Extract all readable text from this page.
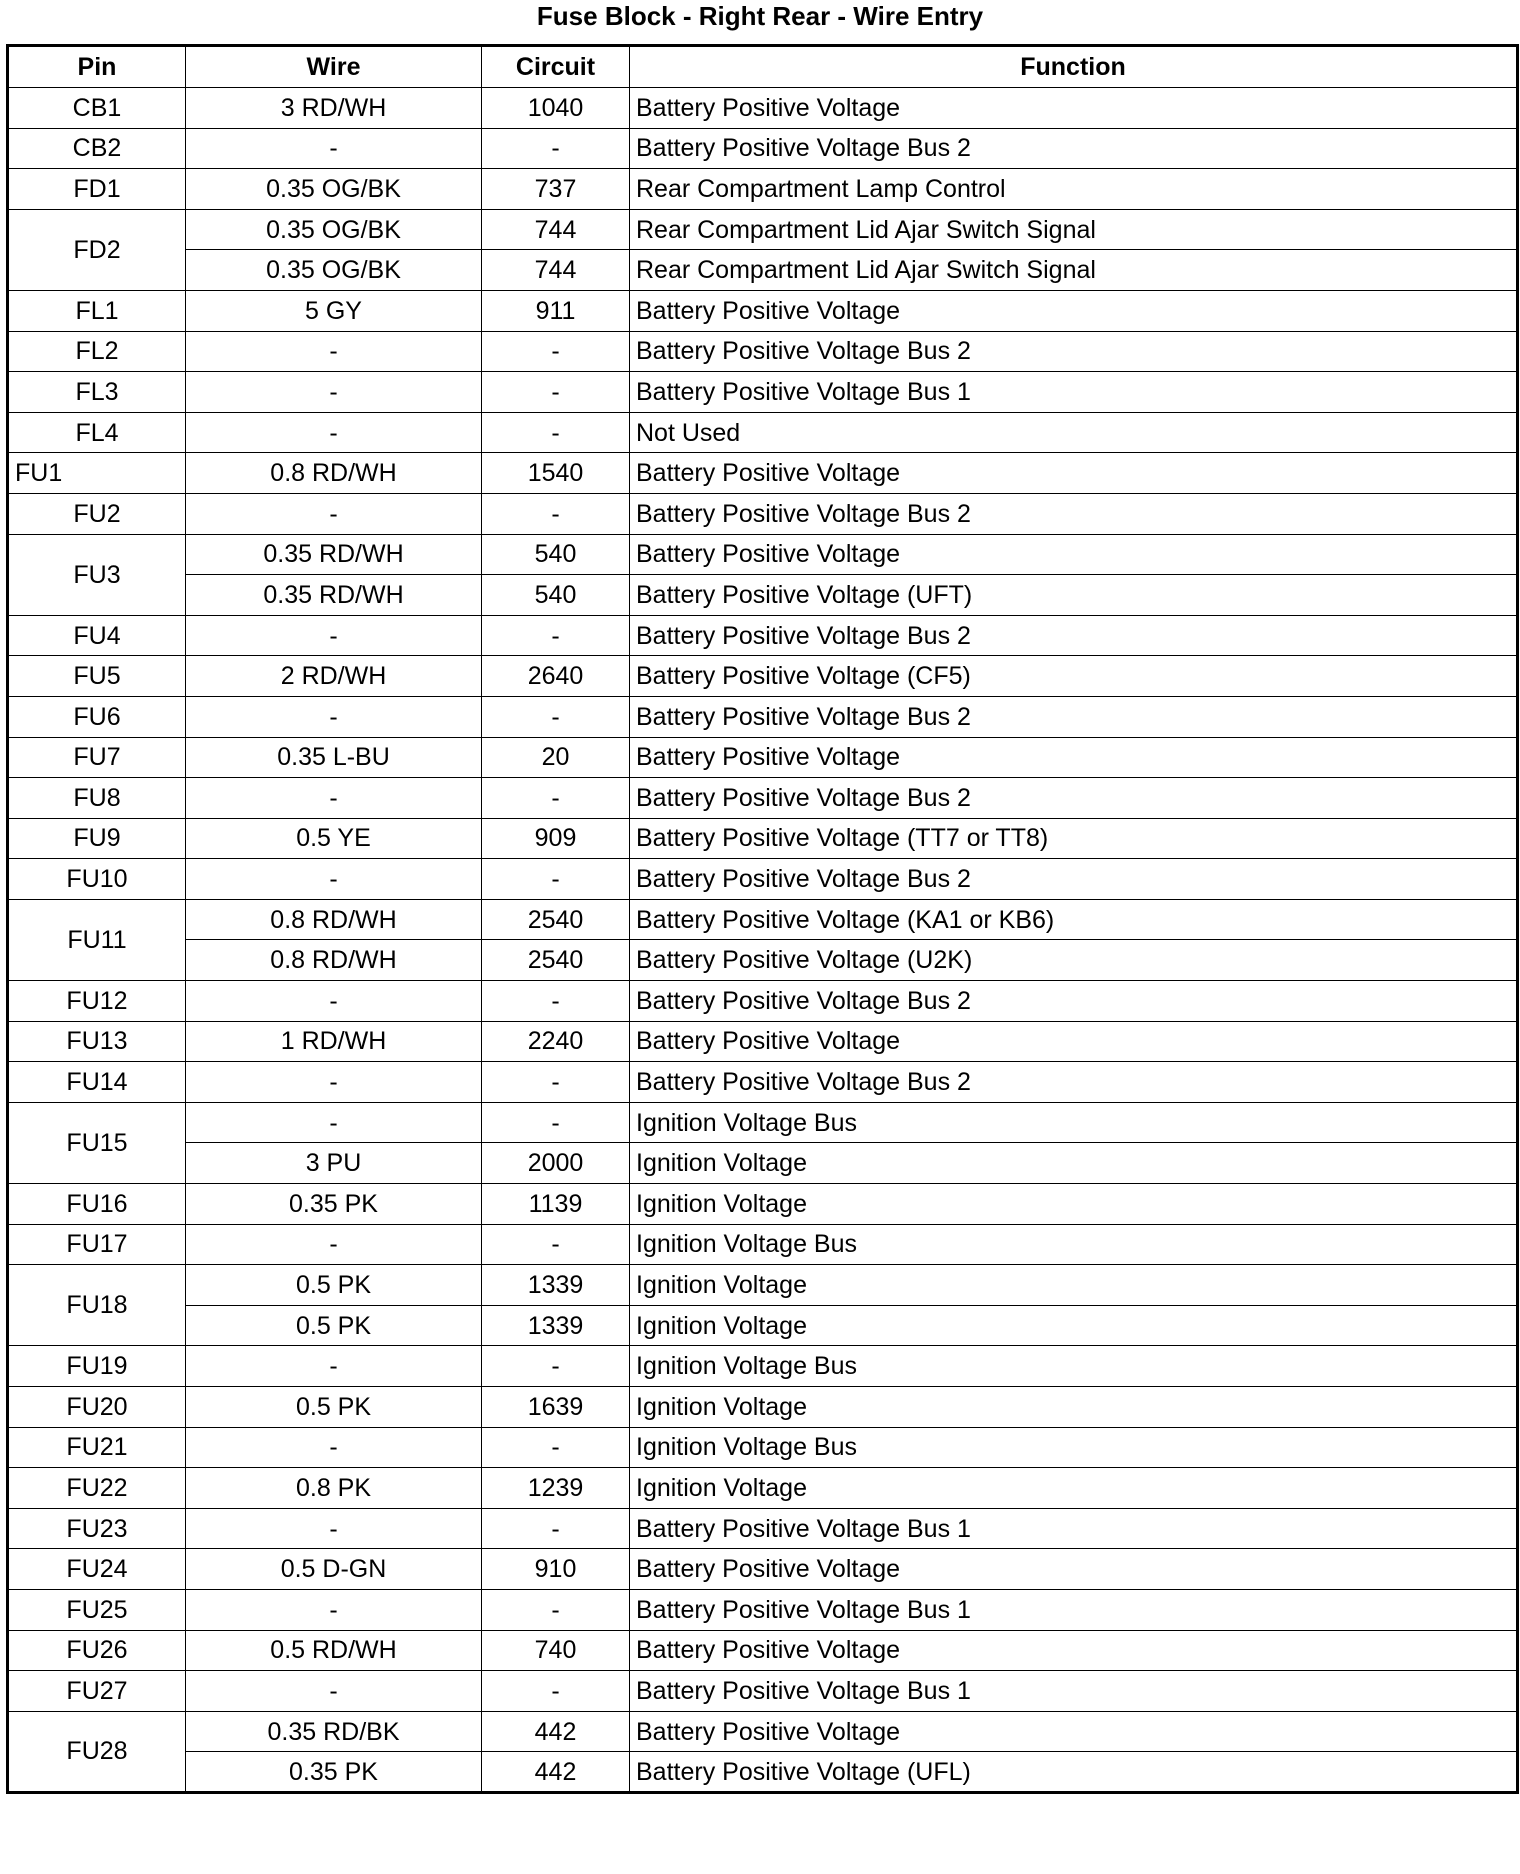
Fuse Block - Right Rear - Wire Entry
Pin	Wire	Circuit	Function
CB1	3 RD/WH	1040	Battery Positive Voltage
CB2	-	-	Battery Positive Voltage Bus 2
FD1	0.35 OG/BK	737	Rear Compartment Lamp Control
FD2	0.35 OG/BK	744	Rear Compartment Lid Ajar Switch Signal
	0.35 OG/BK	744	Rear Compartment Lid Ajar Switch Signal
FL1	5 GY	911	Battery Positive Voltage
FL2	-	-	Battery Positive Voltage Bus 2
FL3	-	-	Battery Positive Voltage Bus 1
FL4	-	-	Not Used
FU1	0.8 RD/WH	1540	Battery Positive Voltage
FU2	-	-	Battery Positive Voltage Bus 2
FU3	0.35 RD/WH	540	Battery Positive Voltage
	0.35 RD/WH	540	Battery Positive Voltage (UFT)
FU4	-	-	Battery Positive Voltage Bus 2
FU5	2 RD/WH	2640	Battery Positive Voltage (CF5)
FU6	-	-	Battery Positive Voltage Bus 2
FU7	0.35 L-BU	20	Battery Positive Voltage
FU8	-	-	Battery Positive Voltage Bus 2
FU9	0.5 YE	909	Battery Positive Voltage (TT7 or TT8)
FU10	-	-	Battery Positive Voltage Bus 2
FU11	0.8 RD/WH	2540	Battery Positive Voltage (KA1 or KB6)
	0.8 RD/WH	2540	Battery Positive Voltage (U2K)
FU12	-	-	Battery Positive Voltage Bus 2
FU13	1 RD/WH	2240	Battery Positive Voltage
FU14	-	-	Battery Positive Voltage Bus 2
FU15	-	-	Ignition Voltage Bus
	3 PU	2000	Ignition Voltage
FU16	0.35 PK	1139	Ignition Voltage
FU17	-	-	Ignition Voltage Bus
FU18	0.5 PK	1339	Ignition Voltage
	0.5 PK	1339	Ignition Voltage
FU19	-	-	Ignition Voltage Bus
FU20	0.5 PK	1639	Ignition Voltage
FU21	-	-	Ignition Voltage Bus
FU22	0.8 PK	1239	Ignition Voltage
FU23	-	-	Battery Positive Voltage Bus 1
FU24	0.5 D-GN	910	Battery Positive Voltage
FU25	-	-	Battery Positive Voltage Bus 1
FU26	0.5 RD/WH	740	Battery Positive Voltage
FU27	-	-	Battery Positive Voltage Bus 1
FU28	0.35 RD/BK	442	Battery Positive Voltage
	0.35 PK	442	Battery Positive Voltage (UFL)
